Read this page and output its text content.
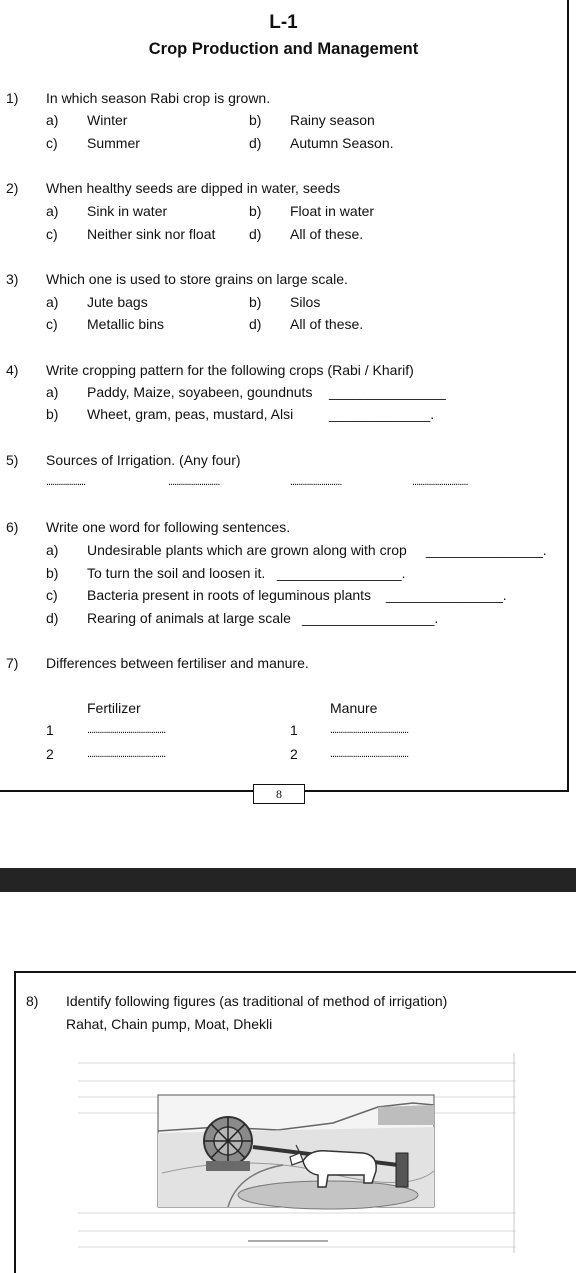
L-1
Crop Production and Management
1) In which season Rabi crop is grown.
a) Winter	b) Rainy season
c) Summer	d) Autumn Season.
2) When healthy seeds are dipped in water, seeds
a) Sink in water	b) Float in water
c) Neither sink nor float d) All of these.
3) Which one is used to store grains on large scale.
a) Jute bags	b) Silos
c) Metallic bins	d) All of these.
4) Write cropping pattern for the following crops (Rabi / Kharif)
a) Paddy, Maize, soyabeen, goundnuts _______________
b) Wheet, gram, peas, mustard, Alsi	_____________.
5) Sources of Irrigation. (Any four)
...................	.........................	.........................	...........................
6) Write one word for following sentences.
a) Undesirable plants which are grown along with crop _______________.
b) To turn the soil and loosen it. ________________.
c) Bacteria present in roots of leguminous plants _______________.
d) Rearing of animals at large scale _________________.
7) Differences between fertiliser and manure.
Fertilizer	Manure
1	......................................	1	......................................
2	......................................	2	......................................
8
8) Identify following figures (as traditional of method of irrigation)
Rahat, Chain pump, Moat, Dhekli
